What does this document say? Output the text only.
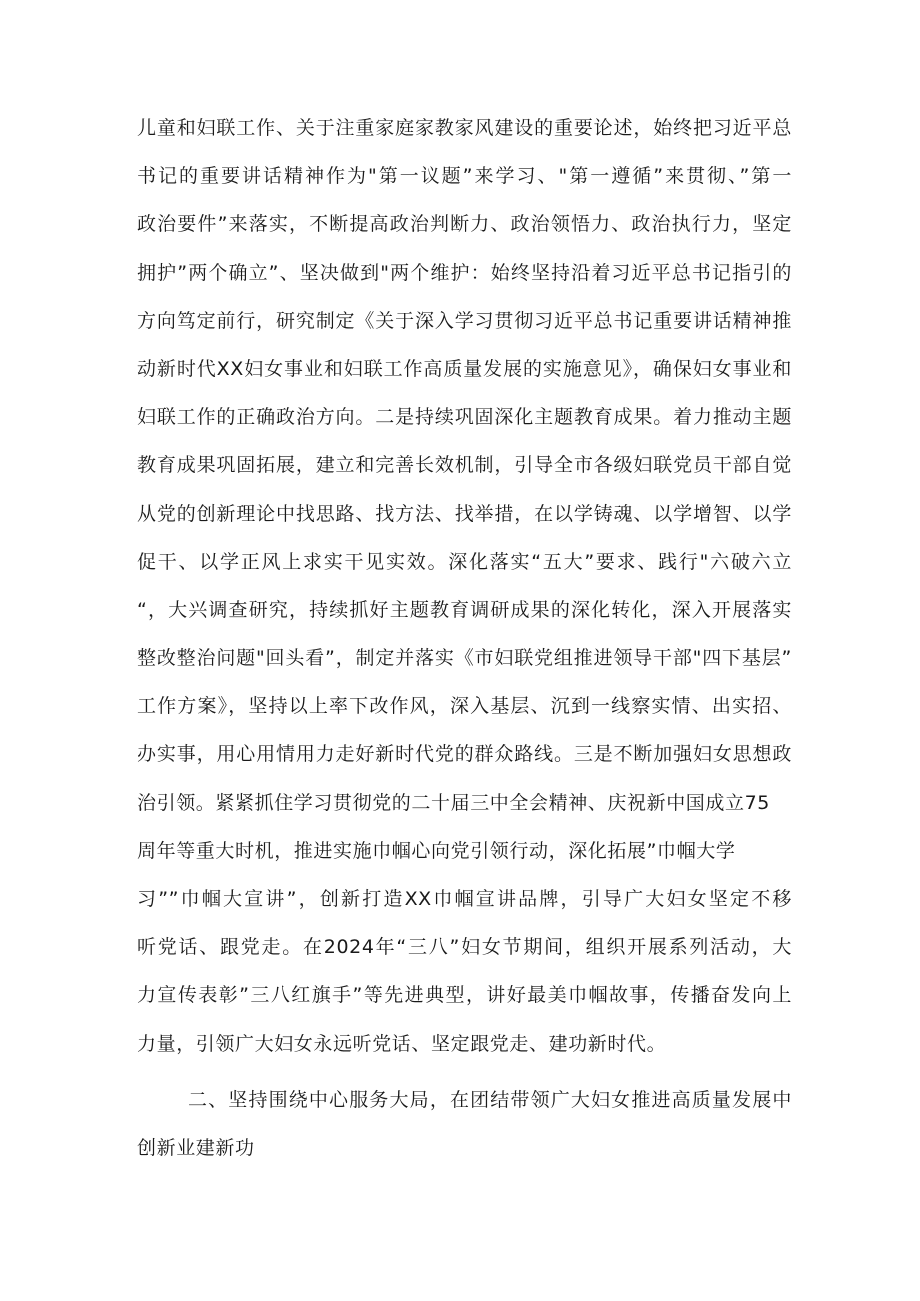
儿童和妇联工作、关于注重家庭家教家风建设的重要论述，始终把习近平总
书记的重要讲话精神作为"第一议题”来学习、"第一遵循”来贯彻、”第一
政治要件”来落实，不断提高政治判断力、政治领悟力、政治执行力，坚定
拥护”两个确立”、坚决做到"两个维护：始终坚持沿着习近平总书记指引的
方向笃定前行，研究制定《关于深入学习贯彻习近平总书记重要讲话精神推
动新时代XX妇女事业和妇联工作高质量发展的实施意见》，确保妇女事业和
妇联工作的正确政治方向。二是持续巩固深化主题教育成果。着力推动主题
教育成果巩固拓展，建立和完善长效机制，引导全市各级妇联党员干部自觉
从党的创新理论中找思路、找方法、找举措，在以学铸魂、以学增智、以学
促干、以学正风上求实干见实效。深化落实“五大”要求、践行"六破六立
“，大兴调查研究，持续抓好主题教育调研成果的深化转化，深入开展落实
整改整治问题"回头看”，制定并落实《市妇联党组推进领导干部"四下基层”
工作方案》，坚持以上率下改作风，深入基层、沉到一线察实情、出实招、
办实事，用心用情用力走好新时代党的群众路线。三是不断加强妇女思想政
治引领。紧紧抓住学习贯彻党的二十届三中全会精神、庆祝新中国成立75
周年等重大时机，推进实施巾帼心向党引领行动，深化拓展”巾帼大学
习””巾帼大宣讲”，创新打造XX巾帼宣讲品牌，引导广大妇女坚定不移
听党话、跟党走。在2024年“三八”妇女节期间，组织开展系列活动，大
力宣传表彰”三八红旗手”等先进典型，讲好最美巾帼故事，传播奋发向上
力量，引领广大妇女永远听党话、坚定跟党走、建功新时代。
二、坚持围绕中心服务大局，在团结带领广大妇女推进高质量发展中
创新业建新功
